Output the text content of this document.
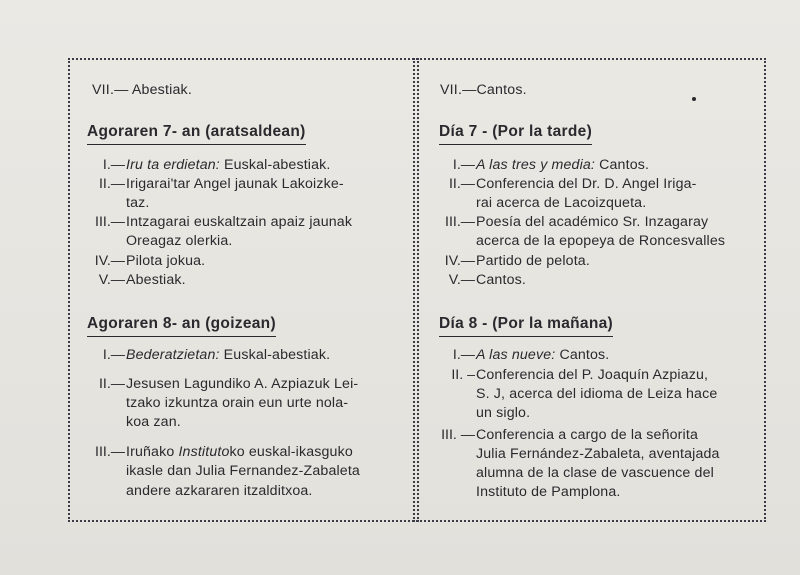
VII.— Abestiak.
Agoraren 7- an (aratsaldean)
I.— Iru ta erdietan: Euskal-abestiak.
II.— Irigarai'tar Angel jaunak Lakoizke-
taz.
III.— Intzagarai euskaltzain apaiz jaunak
Oreagaz olerkia.
IV.— Pilota jokua.
V.— Abestiak.
Agoraren 8- an (goizean)
I.— Bederatzietan: Euskal-abestiak.
II.— Jesusen Lagundiko A. Azpiazuk Lei-
tzako izkuntza orain eun urte nola-
koa zan.
III.— Iruñako Institutoko euskal-ikasguko
ikasle dan Julia Fernandez-Zabaleta
andere azkararen itzalditxoa.
VII.—Cantos.
Día 7 - (Por la tarde)
I.— A las tres y media: Cantos.
II.— Conferencia del Dr. D. Angel Iriga-
rai acerca de Lacoizqueta.
III.— Poesía del académico Sr. Inzagaray
acerca de la epopeya de Roncesvalles
IV.— Partido de pelota.
V.— Cantos.
Día 8 - (Por la mañana)
I.— A las nueve: Cantos.
II. – Conferencia del P. Joaquín Azpiazu,
S. J, acerca del idioma de Leiza hace
un siglo.
III. — Conferencia a cargo de la señorita
Julia Fernández-Zabaleta, aventajada
alumna de la clase de vascuence del
Instituto de Pamplona.
